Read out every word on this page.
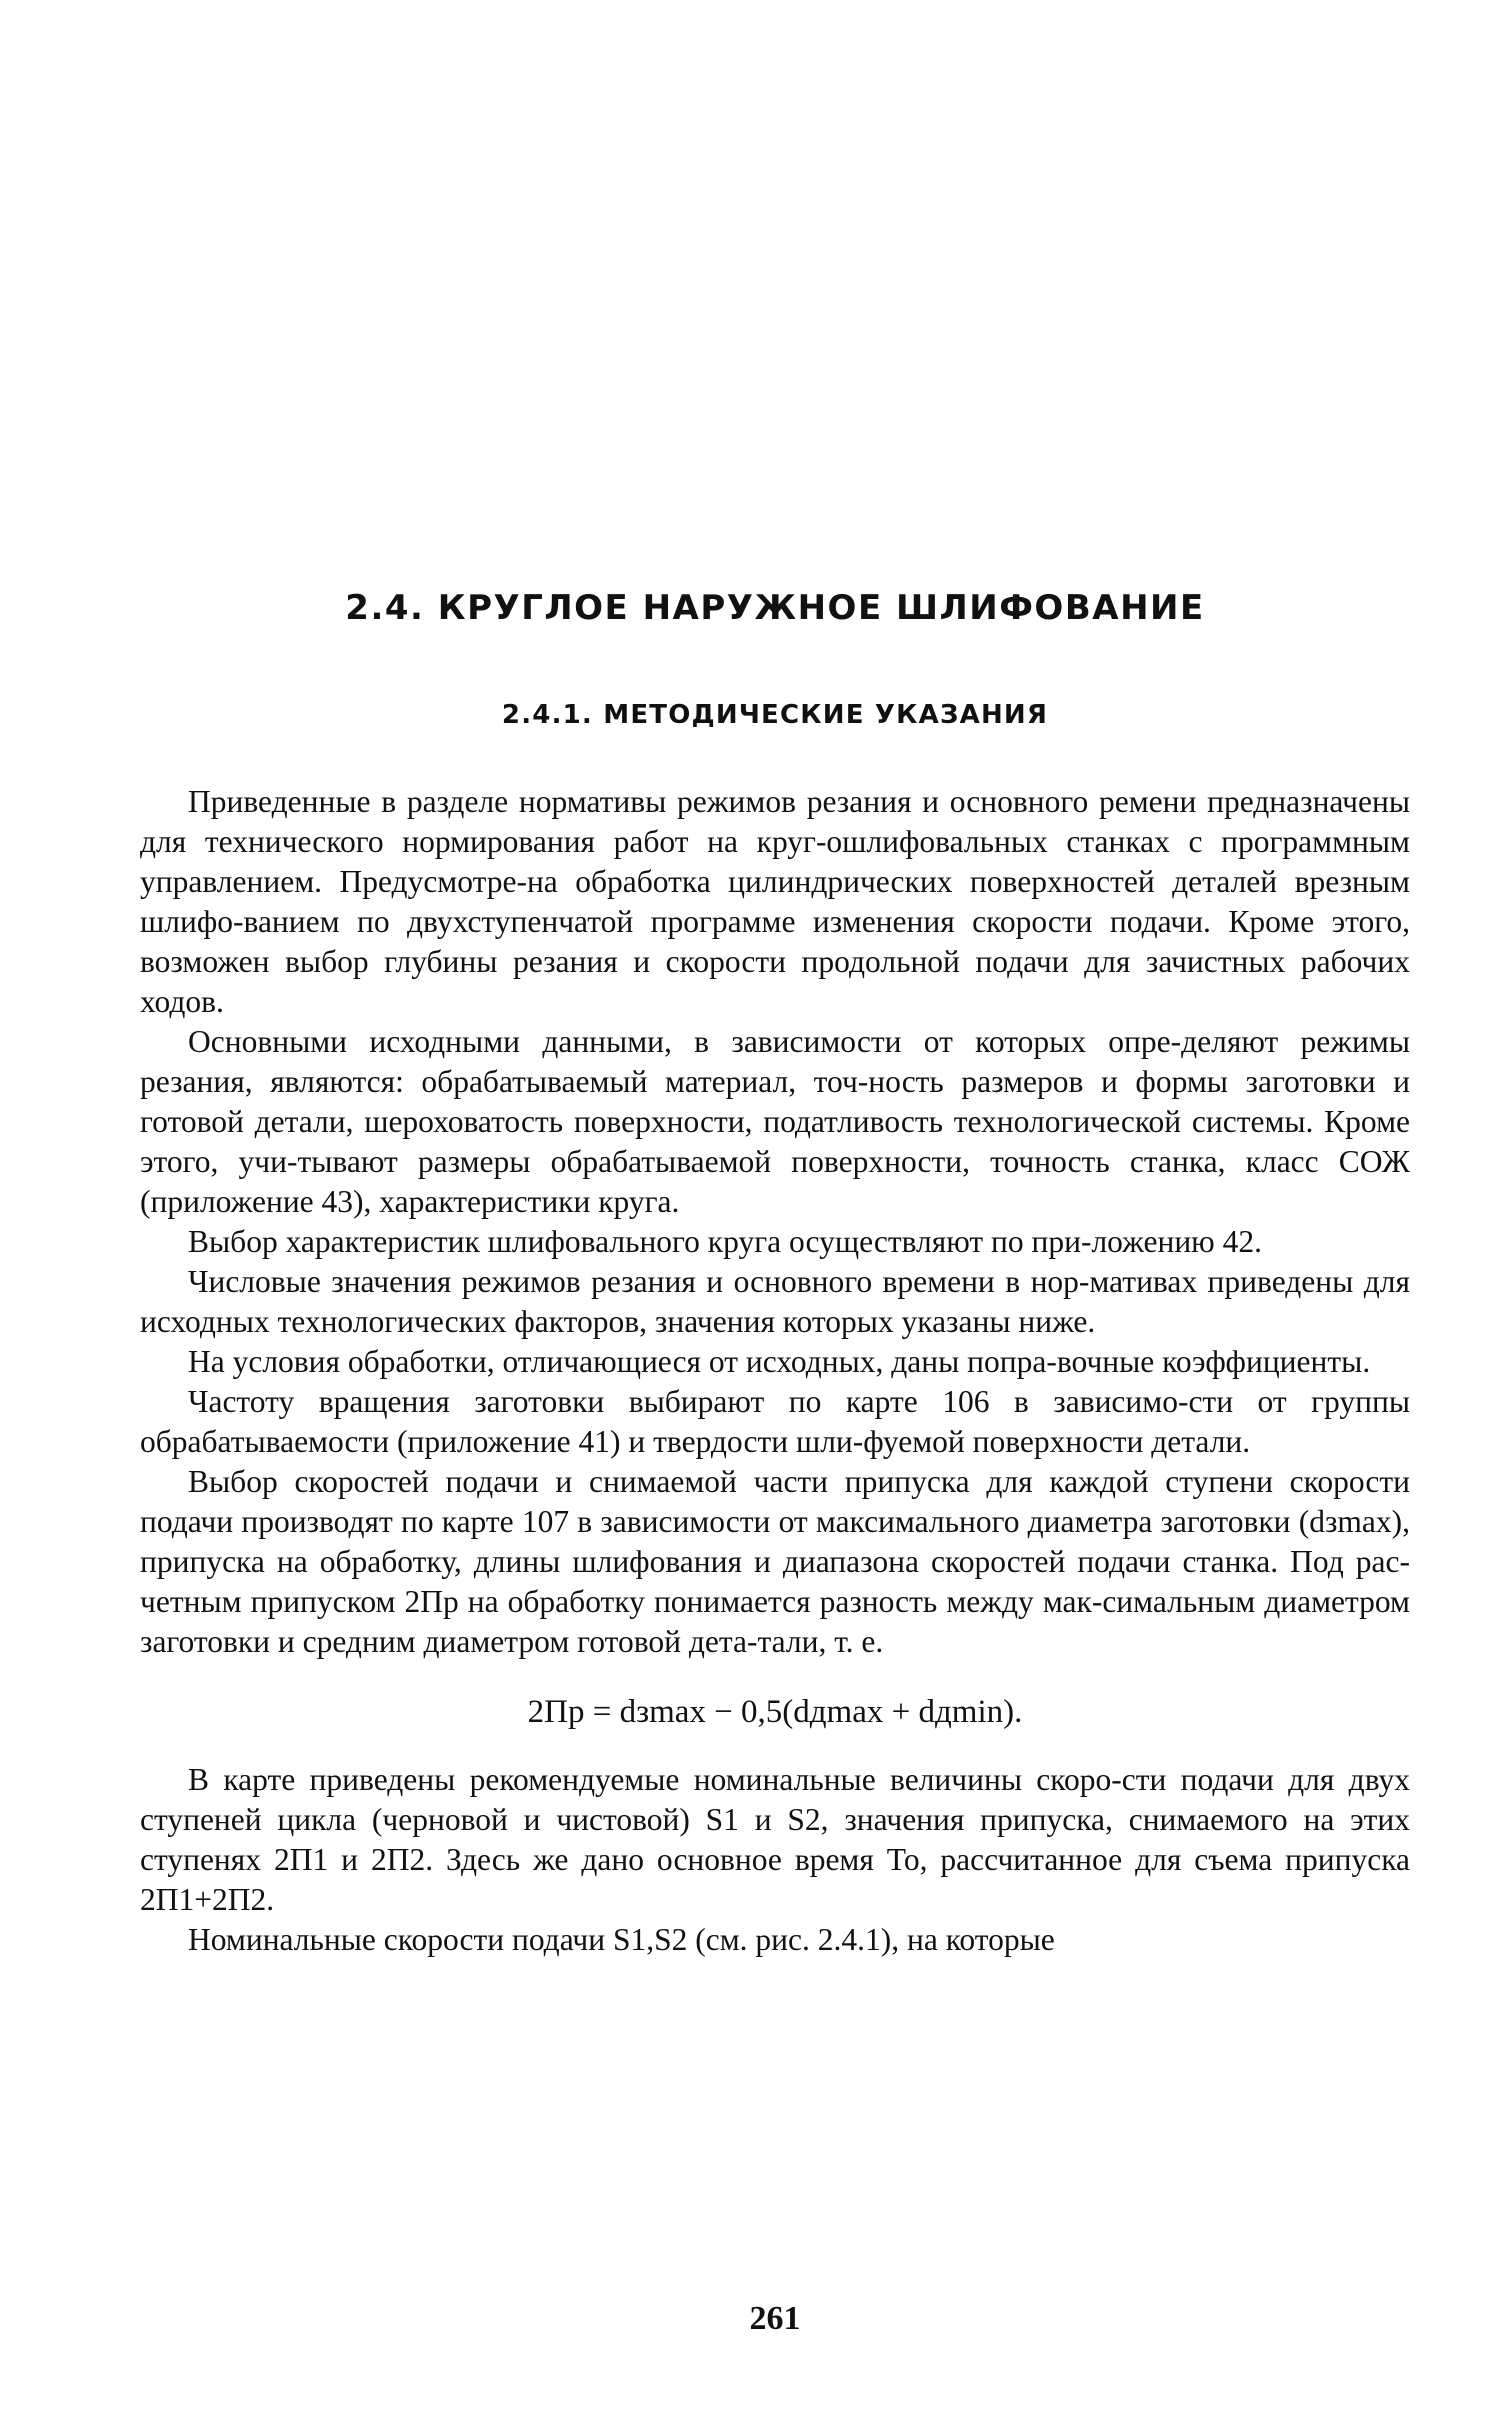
2.4. КРУГЛОЕ НАРУЖНОЕ ШЛИФОВАНИЕ
2.4.1. МЕТОДИЧЕСКИЕ УКАЗАНИЯ

Приведенные в разделе нормативы режимов резания и основного ремени предназначены для технического нормирования работ на круг-ошлифовальных станках с программным управлением. Предусмотре-на обработка цилиндрических поверхностей деталей врезным шлифо-ванием по двухступенчатой программе изменения скорости подачи. Кроме этого, возможен выбор глубины резания и скорости продольной подачи для зачистных рабочих ходов.

Основными исходными данными, в зависимости от которых опре-деляют режимы резания, являются: обрабатываемый материал, точ-ность размеров и формы заготовки и готовой детали, шероховатость поверхности, податливость технологической системы. Кроме этого, учи-тывают размеры обрабатываемой поверхности, точность станка, класс СОЖ (приложение 43), характеристики круга.

Выбор характеристик шлифовального круга осуществляют по при-ложению 42.

Числовые значения режимов резания и основного времени в нор-мативах приведены для исходных технологических факторов, значения которых указаны ниже.

На условия обработки, отличающиеся от исходных, даны попра-вочные коэффициенты.

Частоту вращения заготовки выбирают по карте 106 в зависимо-сти от группы обрабатываемости (приложение 41) и твердости шли-фуемой поверхности детали.

Выбор скоростей подачи и снимаемой части припуска для каждой ступени скорости подачи производят по карте 107 в зависимости от максимального диаметра заготовки (dзmax), припуска на обработку, длины шлифования и диапазона скоростей подачи станка. Под рас-четным припуском 2Пр на обработку понимается разность между мак-симальным диаметром заготовки и средним диаметром готовой дета-тали, т. е.

2Пр = dзmax − 0,5(dдmax + dдmin).

В карте приведены рекомендуемые номинальные величины скоро-сти подачи для двух ступеней цикла (черновой и чистовой) S1 и S2, значения припуска, снимаемого на этих ступенях 2П1 и 2П2. Здесь же дано основное время To, рассчитанное для съема припуска 2П1+2П2.

Номинальные скорости подачи S1,S2 (см. рис. 2.4.1), на которые

261
